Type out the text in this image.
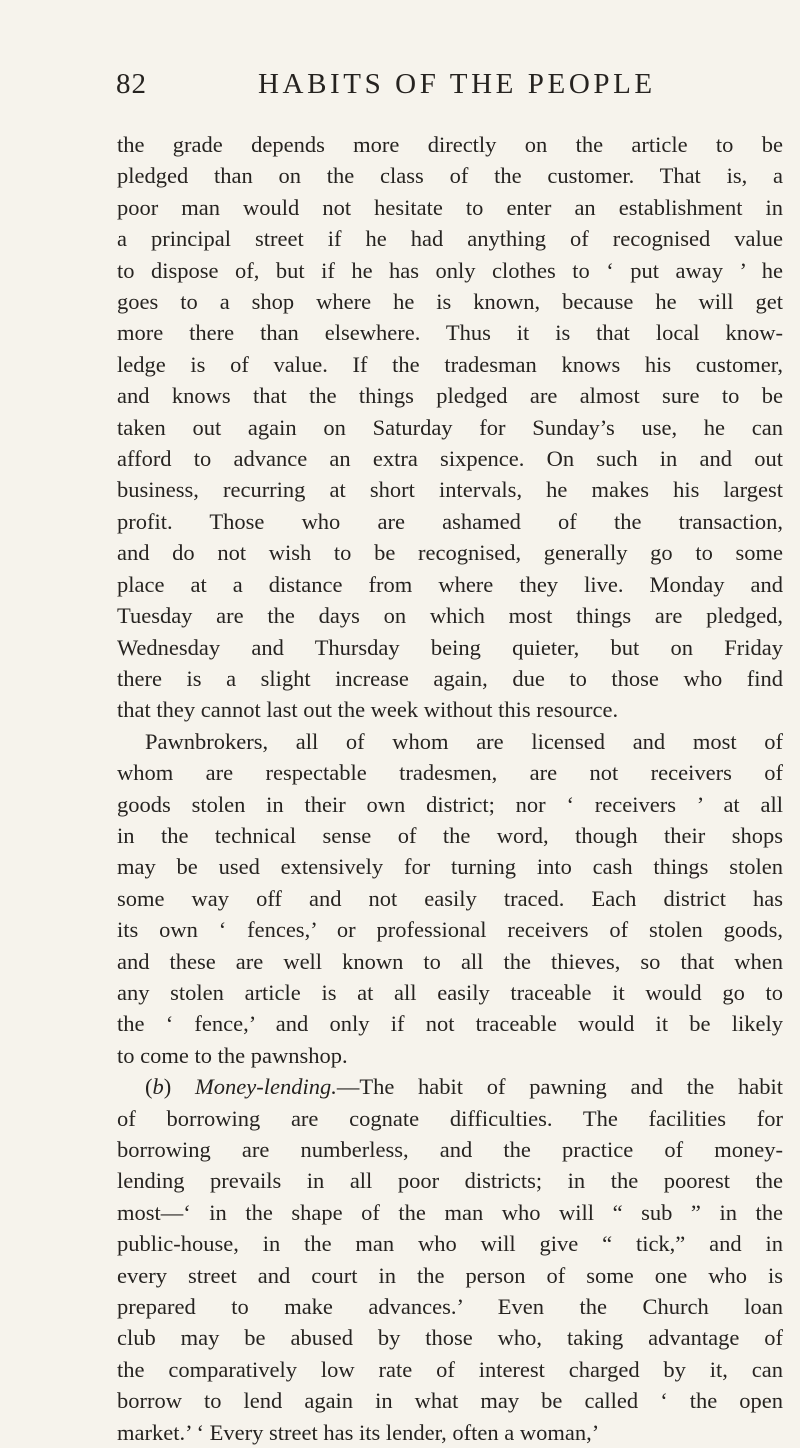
82	HABITS OF THE PEOPLE

the grade depends more directly on the article to be
pledged than on the class of the customer. That is, a
poor man would not hesitate to enter an establishment in
a principal street if he had anything of recognised value
to dispose of, but if he has only clothes to ‘ put away ’ he
goes to a shop where he is known, because he will get
more there than elsewhere. Thus it is that local know-
ledge is of value. If the tradesman knows his customer,
and knows that the things pledged are almost sure to be
taken out again on Saturday for Sunday’s use, he can
afford to advance an extra sixpence. On such in and out
business, recurring at short intervals, he makes his largest
profit. Those who are ashamed of the transaction,
and do not wish to be recognised, generally go to some
place at a distance from where they live. Monday and
Tuesday are the days on which most things are pledged,
Wednesday and Thursday being quieter, but on Friday
there is a slight increase again, due to those who find
that they cannot last out the week without this resource.

Pawnbrokers, all of whom are licensed and most of
whom are respectable tradesmen, are not receivers of
goods stolen in their own district; nor ‘ receivers ’ at all
in the technical sense of the word, though their shops
may be used extensively for turning into cash things stolen
some way off and not easily traced. Each district has
its own ‘ fences,’ or professional receivers of stolen goods,
and these are well known to all the thieves, so that when
any stolen article is at all easily traceable it would go to
the ‘ fence,’ and only if not traceable would it be likely
to come to the pawnshop.

(b) Money-lending.—The habit of pawning and the habit
of borrowing are cognate difficulties. The facilities for
borrowing are numberless, and the practice of money-
lending prevails in all poor districts; in the poorest the
most—‘ in the shape of the man who will “ sub ” in the
public-house, in the man who will give “ tick,” and in
every street and court in the person of some one who is
prepared to make advances.’ Even the Church loan
club may be abused by those who, taking advantage of
the comparatively low rate of interest charged by it, can
borrow to lend again in what may be called ‘ the open
market.’ ‘ Every street has its lender, often a woman,’
